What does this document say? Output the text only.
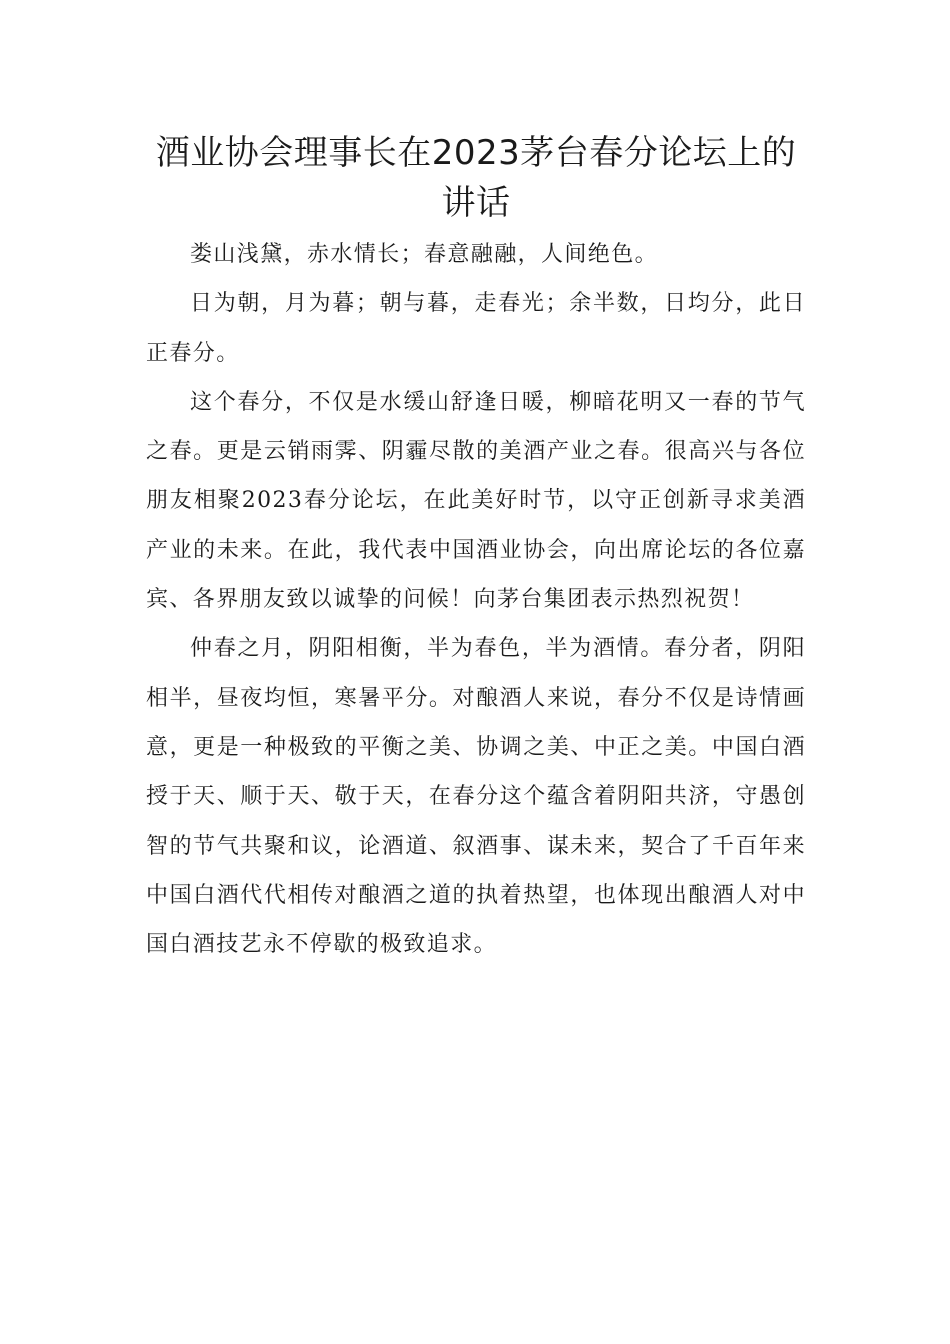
酒业协会理事长在2023茅台春分论坛上的讲话

娄山浅黛，赤水情长；春意融融，人间绝色。

日为朝，月为暮；朝与暮，走春光；余半数，日均分，此日正春分。

这个春分，不仅是水缓山舒逢日暖，柳暗花明又一春的节气之春。更是云销雨霁、阴霾尽散的美酒产业之春。很高兴与各位朋友相聚2023春分论坛，在此美好时节，以守正创新寻求美酒产业的未来。在此，我代表中国酒业协会，向出席论坛的各位嘉宾、各界朋友致以诚挚的问候！向茅台集团表示热烈祝贺！

仲春之月，阴阳相衡，半为春色，半为酒情。春分者，阴阳相半，昼夜均恒，寒暑平分。对酿酒人来说，春分不仅是诗情画意，更是一种极致的平衡之美、协调之美、中正之美。中国白酒授于天、顺于天、敬于天，在春分这个蕴含着阴阳共济，守愚创智的节气共聚和议，论酒道、叙酒事、谋未来，契合了千百年来中国白酒代代相传对酿酒之道的执着热望，也体现出酿酒人对中国白酒技艺永不停歇的极致追求。
